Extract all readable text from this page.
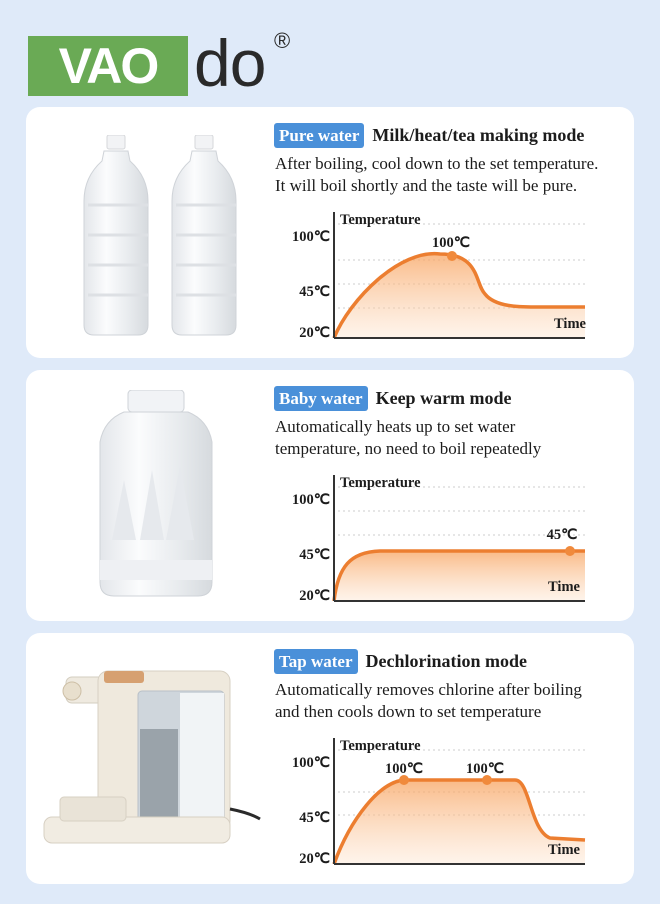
VAO do ®
Pure water Milk/heat/tea making mode
After boiling, cool down to the set temperature.
It will boil shortly and the taste will be pure.
Temperature
Time
100℃
45℃
20℃
100℃
Baby water Keep warm mode
Automatically heats up to set water
temperature, no need to boil repeatedly
Temperature
Time
100℃
45℃
20℃
45℃
Tap water Dechlorination mode
Automatically removes chlorine after boiling
and then cools down to set temperature
Temperature
Time
100℃
45℃
20℃
100℃	100℃
